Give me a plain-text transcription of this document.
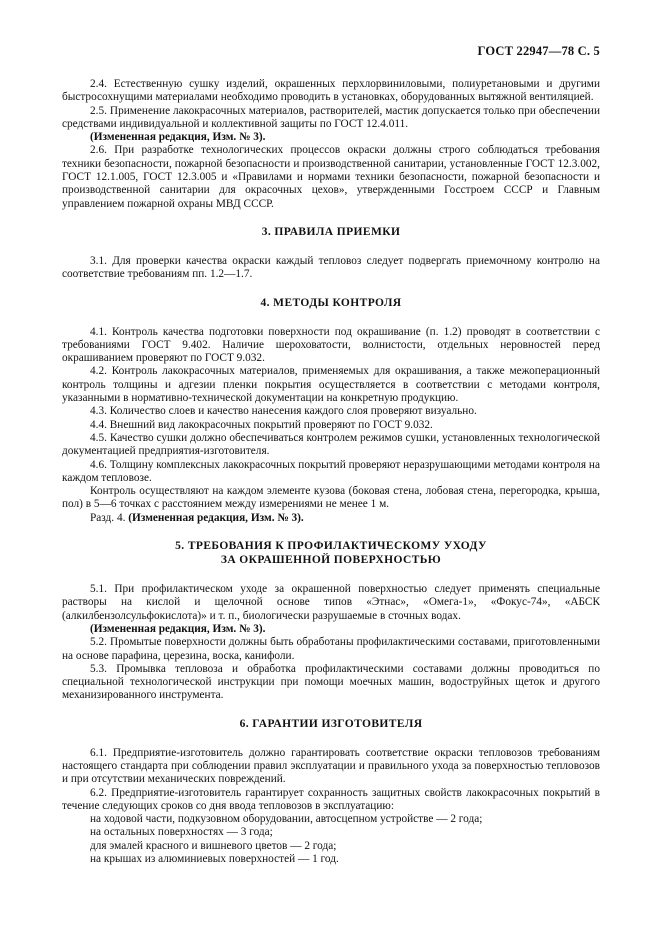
ГОСТ 22947—78 С. 5

2.4. Естественную сушку изделий, окрашенных перхлорвиниловыми, полиуретановыми и другими быстросохнущими материалами необходимо проводить в установках, оборудованных вытяжной вентиляцией.

2.5. Применение лакокрасочных материалов, растворителей, мастик допускается только при обеспечении средствами индивидуальной и коллективной защиты по ГОСТ 12.4.011.

(Измененная редакция, Изм. № 3).

2.6. При разработке технологических процессов окраски должны строго соблюдаться требования техники безопасности, пожарной безопасности и производственной санитарии, установленные ГОСТ 12.3.002, ГОСТ 12.1.005, ГОСТ 12.3.005 и «Правилами и нормами техники безопасности, пожарной безопасности и производственной санитарии для окрасочных цехов», утвержденными Госстроем СССР и Главным управлением пожарной охраны МВД СССР.

3. ПРАВИЛА ПРИЕМКИ

3.1. Для проверки качества окраски каждый тепловоз следует подвергать приемочному контролю на соответствие требованиям пп. 1.2—1.7.

4. МЕТОДЫ КОНТРОЛЯ

4.1. Контроль качества подготовки поверхности под окрашивание (п. 1.2) проводят в соответствии с требованиями ГОСТ 9.402. Наличие шероховатости, волнистости, отдельных неровностей перед окрашиванием проверяют по ГОСТ 9.032.

4.2. Контроль лакокрасочных материалов, применяемых для окрашивания, а также межоперационный контроль толщины и адгезии пленки покрытия осуществляется в соответствии с методами контроля, указанными в нормативно-технической документации на конкретную продукцию.

4.3. Количество слоев и качество нанесения каждого слоя проверяют визуально.

4.4. Внешний вид лакокрасочных покрытий проверяют по ГОСТ 9.032.

4.5. Качество сушки должно обеспечиваться контролем режимов сушки, установленных технологической документацией предприятия-изготовителя.

4.6. Толщину комплексных лакокрасочных покрытий проверяют неразрушающими методами контроля на каждом тепловозе.

Контроль осуществляют на каждом элементе кузова (боковая стена, лобовая стена, перегородка, крыша, пол) в 5—6 точках с расстоянием между измерениями не менее 1 м.

Разд. 4. (Измененная редакция, Изм. № 3).

5. ТРЕБОВАНИЯ К ПРОФИЛАКТИЧЕСКОМУ УХОДУ
ЗА ОКРАШЕННОЙ ПОВЕРХНОСТЬЮ

5.1. При профилактическом уходе за окрашенной поверхностью следует применять специальные растворы на кислой и щелочной основе типов «Этнас», «Омега-1», «Фокус-74», «АБСК (алкилбензолсульфокислота)» и т. п., биологически разрушаемые в сточных водах.

(Измененная редакция, Изм. № 3).

5.2. Промытые поверхности должны быть обработаны профилактическими составами, приготовленными на основе парафина, церезина, воска, канифоли.

5.3. Промывка тепловоза и обработка профилактическими составами должны проводиться по специальной технологической инструкции при помощи моечных машин, водоструйных щеток и другого механизированного инструмента.

6. ГАРАНТИИ ИЗГОТОВИТЕЛЯ

6.1. Предприятие-изготовитель должно гарантировать соответствие окраски тепловозов требованиям настоящего стандарта при соблюдении правил эксплуатации и правильного ухода за поверхностью тепловозов и при отсутствии механических повреждений.

6.2. Предприятие-изготовитель гарантирует сохранность защитных свойств лакокрасочных покрытий в течение следующих сроков со дня ввода тепловозов в эксплуатацию:

на ходовой части, подкузовном оборудовании, автосцепном устройстве — 2 года;

на остальных поверхностях — 3 года;

для эмалей красного и вишневого цветов — 2 года;

на крышах из алюминиевых поверхностей — 1 год.
